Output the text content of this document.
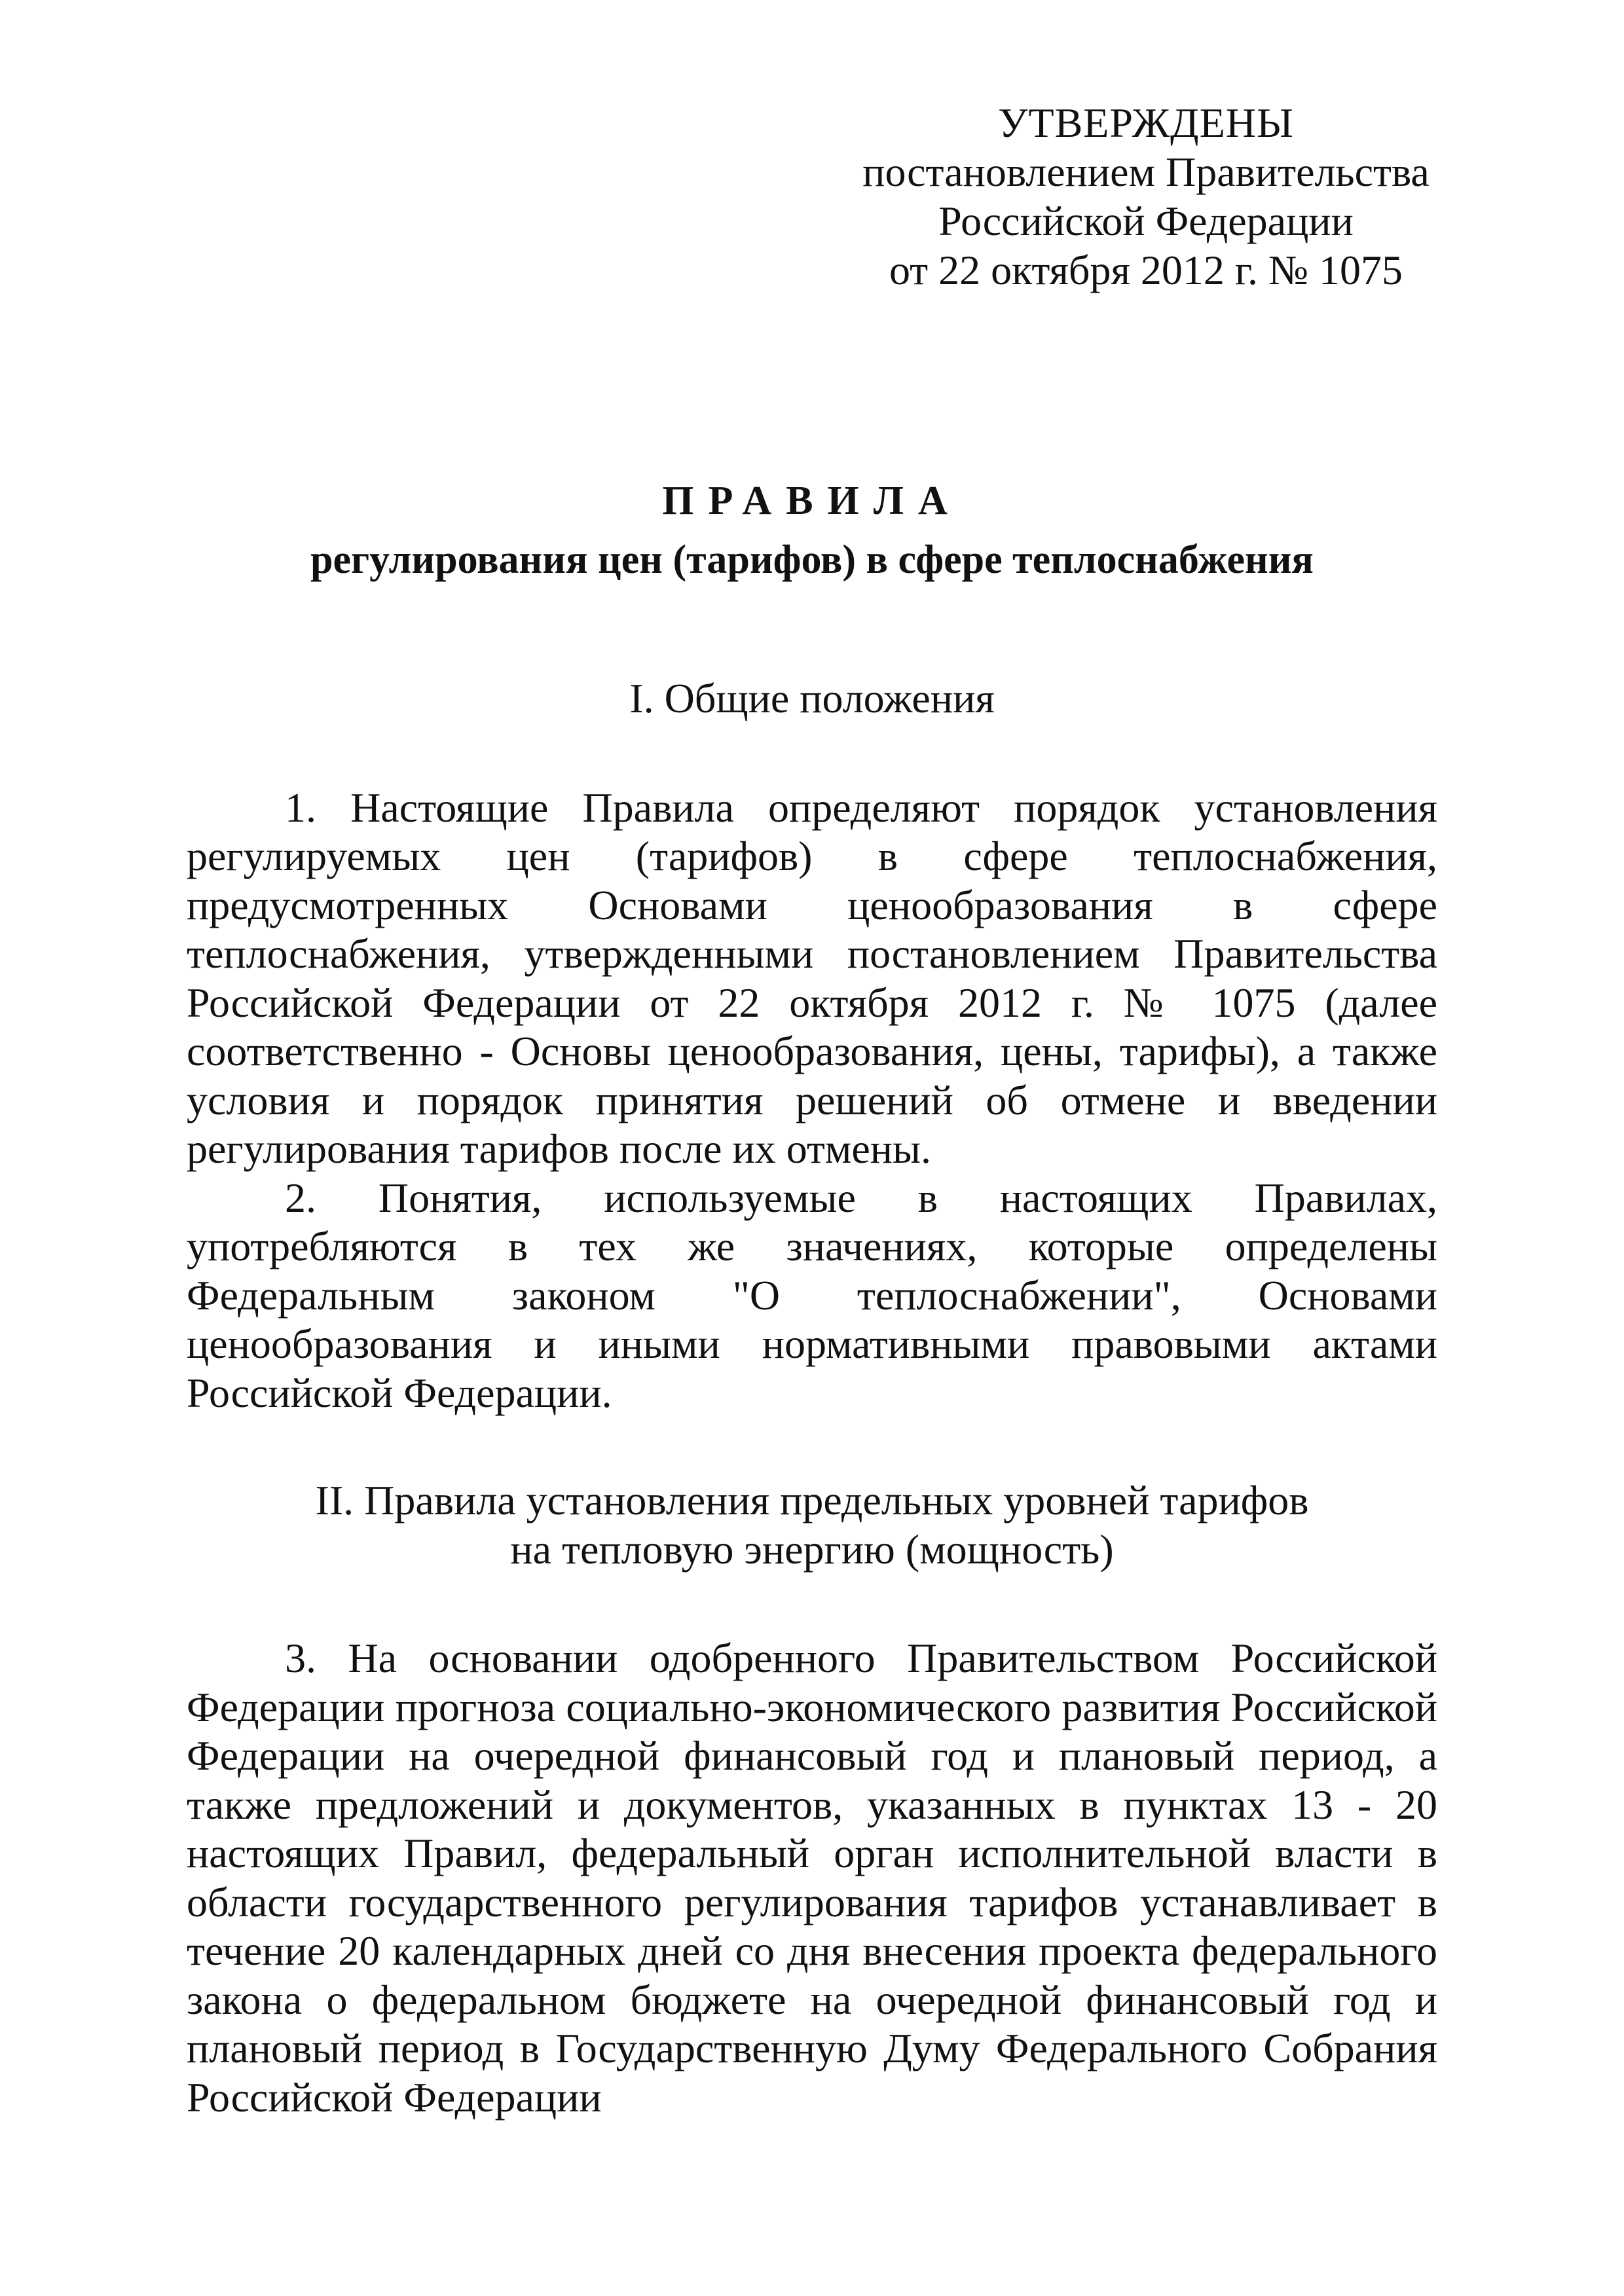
УТВЕРЖДЕНЫ
постановлением Правительства
Российской Федерации
от 22 октября 2012 г. № 1075
ПРАВИЛА
регулирования цен (тарифов) в сфере теплоснабжения
I. Общие положения

1. Настоящие Правила определяют порядок установления регулируемых цен (тарифов) в сфере теплоснабжения, предусмотренных Основами ценообразования в сфере теплоснабжения, утвержденными постановлением Правительства Российской Федерации от 22 октября 2012 г. № 1075 (далее соответственно - Основы ценообразования, цены, тарифы), а также условия и порядок принятия решений об отмене и введении регулирования тарифов после их отмены.

2. Понятия, используемые в настоящих Правилах, употребляются в тех же значениях, которые определены Федеральным законом "О теплоснабжении", Основами ценообразования и иными нормативными правовыми актами Российской Федерации.

II. Правила установления предельных уровней тарифов
на тепловую энергию (мощность)

3. На основании одобренного Правительством Российской Федерации прогноза социально-экономического развития Российской Федерации на очередной финансовый год и плановый период, а также предложений и документов, указанных в пунктах 13 - 20 настоящих Правил, федеральный орган исполнительной власти в области государственного регулирования тарифов устанавливает в течение 20 календарных дней со дня внесения проекта федерального закона о федеральном бюджете на очередной финансовый год и плановый период в Государственную Думу Федерального Собрания Российской Федерации
